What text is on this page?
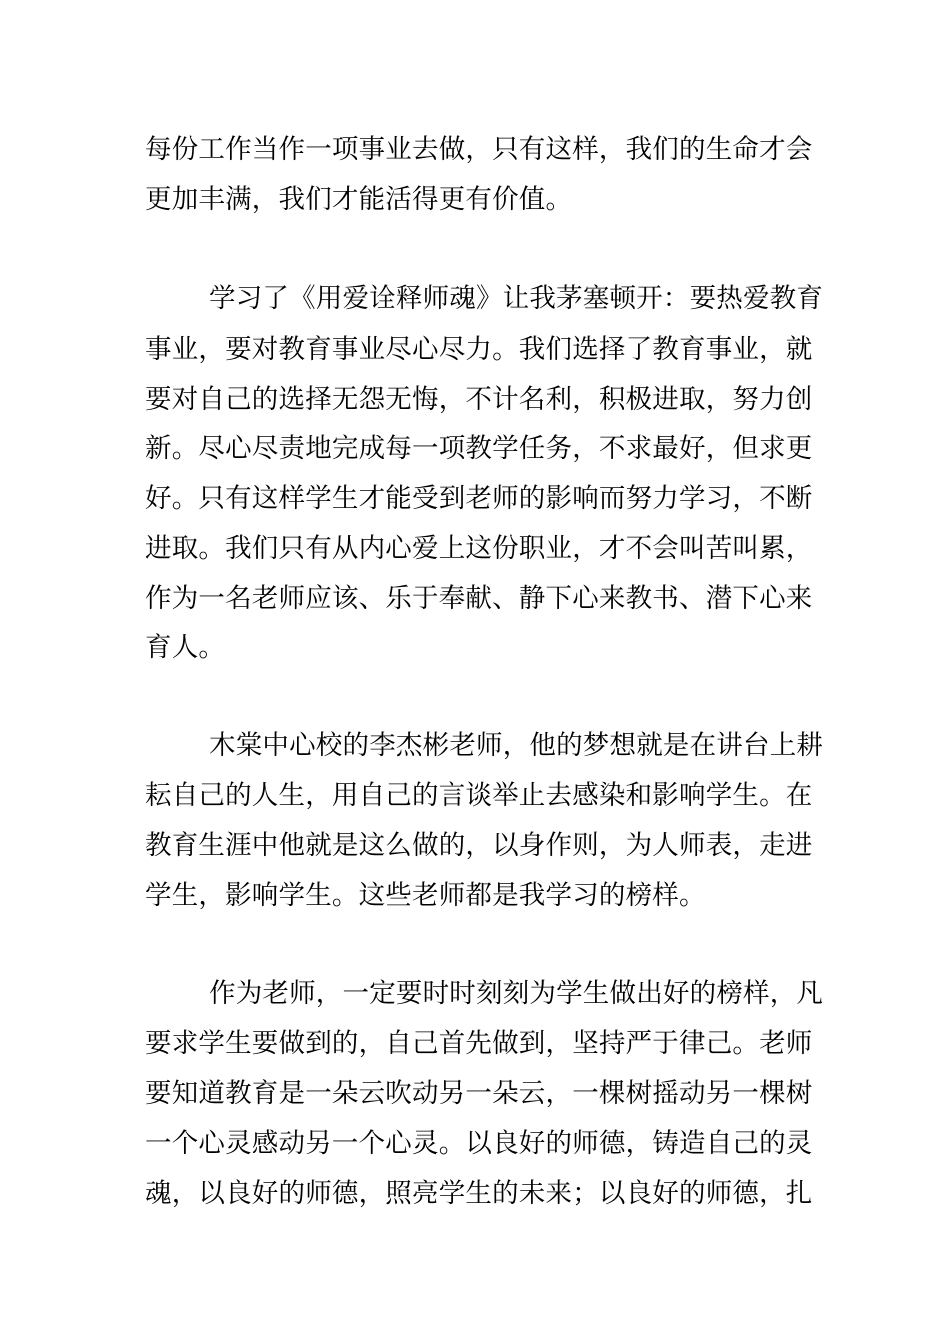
每份工作当作一项事业去做，只有这样，我们的生命才会
更加丰满，我们才能活得更有价值。
学习了《用爱诠释师魂》让我茅塞顿开：要热爱教育
事业，要对教育事业尽心尽力。我们选择了教育事业，就
要对自己的选择无怨无悔，不计名利，积极进取，努力创
新。尽心尽责地完成每一项教学任务，不求最好，但求更
好。只有这样学生才能受到老师的影响而努力学习，不断
进取。我们只有从内心爱上这份职业，才不会叫苦叫累，
作为一名老师应该、乐于奉献、静下心来教书、潜下心来
育人。
木棠中心校的李杰彬老师，他的梦想就是在讲台上耕
耘自己的人生，用自己的言谈举止去感染和影响学生。在
教育生涯中他就是这么做的，以身作则，为人师表，走进
学生，影响学生。这些老师都是我学习的榜样。
作为老师，一定要时时刻刻为学生做出好的榜样，凡
要求学生要做到的，自己首先做到，坚持严于律己。老师
要知道教育是一朵云吹动另一朵云，一棵树摇动另一棵树
一个心灵感动另一个心灵。以良好的师德，铸造自己的灵
魂，以良好的师德，照亮学生的未来；以良好的师德，扎
